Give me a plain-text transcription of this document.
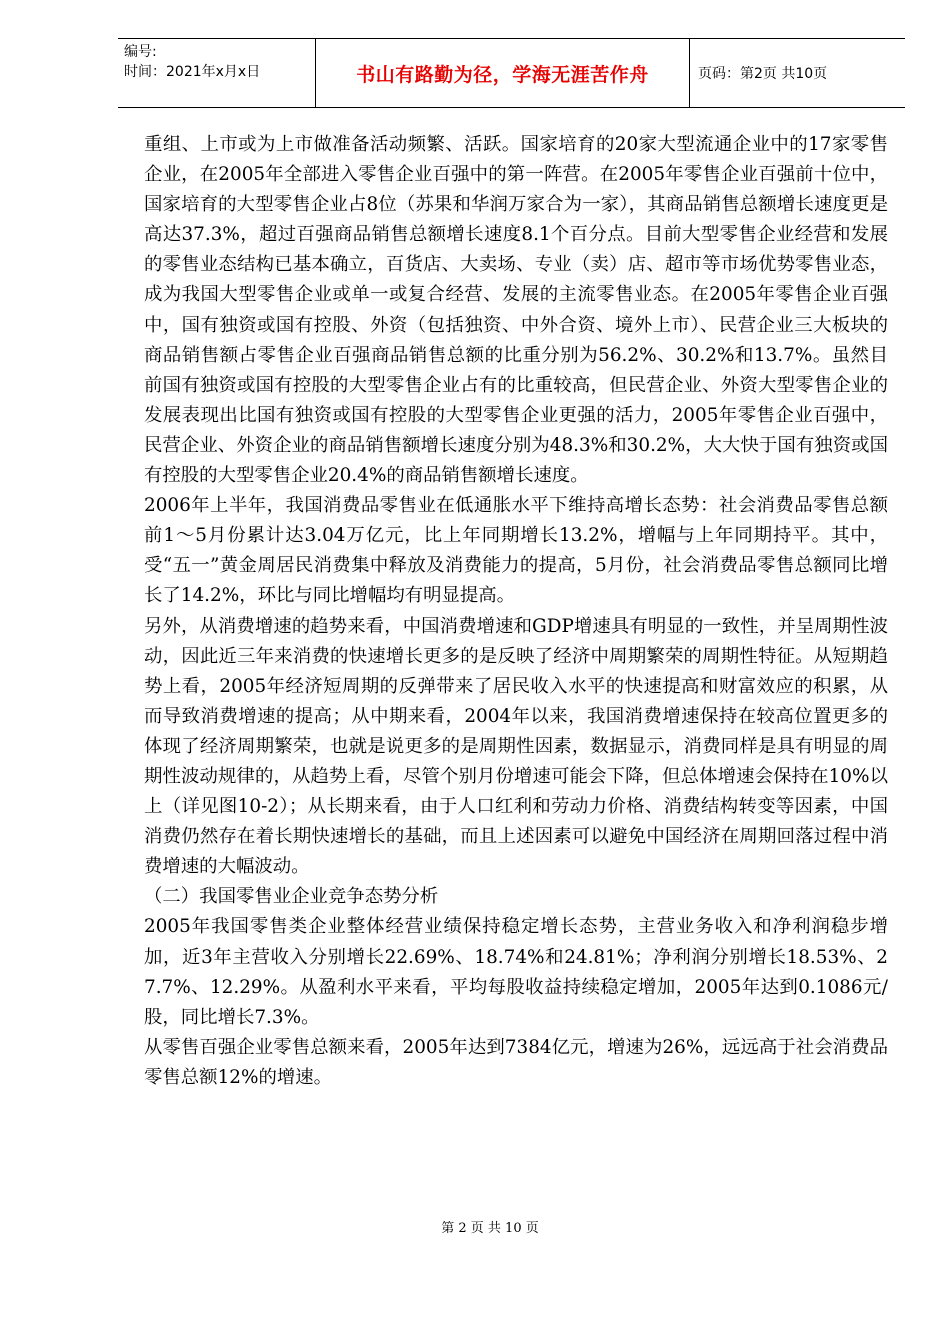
编号:
时间：2021年x月x日	书山有路勤为径，学海无涯苦作舟	页码：第2页 共10页

重组、上市或为上市做准备活动频繁、活跃。国家培育的20家大型流通企业中的17家零售企业，在2005年全部进入零售企业百强中的第一阵营。在2005年零售企业百强前十位中，国家培育的大型零售企业占8位（苏果和华润万家合为一家），其商品销售总额增长速度更是高达37.3%，超过百强商品销售总额增长速度8.1个百分点。目前大型零售企业经营和发展的零售业态结构已基本确立，百货店、大卖场、专业（卖）店、超市等市场优势零售业态，成为我国大型零售企业或单一或复合经营、发展的主流零售业态。在2005年零售企业百强中，国有独资或国有控股、外资（包括独资、中外合资、境外上市）、民营企业三大板块的商品销售额占零售企业百强商品销售总额的比重分别为56.2%、30.2%和13.7%。虽然目前国有独资或国有控股的大型零售企业占有的比重较高，但民营企业、外资大型零售企业的发展表现出比国有独资或国有控股的大型零售企业更强的活力，2005年零售企业百强中，民营企业、外资企业的商品销售额增长速度分别为48.3%和30.2%，大大快于国有独资或国有控股的大型零售企业20.4%的商品销售额增长速度。

2006年上半年，我国消费品零售业在低通胀水平下维持高增长态势：社会消费品零售总额前1～5月份累计达3.04万亿元，比上年同期增长13.2%，增幅与上年同期持平。其中，受“五一”黄金周居民消费集中释放及消费能力的提高，5月份，社会消费品零售总额同比增长了14.2%，环比与同比增幅均有明显提高。

另外，从消费增速的趋势来看，中国消费增速和GDP增速具有明显的一致性，并呈周期性波动，因此近三年来消费的快速增长更多的是反映了经济中周期繁荣的周期性特征。从短期趋势上看，2005年经济短周期的反弹带来了居民收入水平的快速提高和财富效应的积累，从而导致消费增速的提高；从中期来看，2004年以来，我国消费增速保持在较高位置更多的体现了经济周期繁荣，也就是说更多的是周期性因素，数据显示，消费同样是具有明显的周期性波动规律的，从趋势上看，尽管个别月份增速可能会下降，但总体增速会保持在10%以上（详见图10-2）；从长期来看，由于人口红利和劳动力价格、消费结构转变等因素，中国消费仍然存在着长期快速增长的基础，而且上述因素可以避免中国经济在周期回落过程中消费增速的大幅波动。

（二）我国零售业企业竞争态势分析

2005年我国零售类企业整体经营业绩保持稳定增长态势，主营业务收入和净利润稳步增加，近3年主营收入分别增长22.69%、18.74%和24.81%；净利润分别增长18.53%、27.7%、12.29%。从盈利水平来看，平均每股收益持续稳定增加，2005年达到0.1086元/股，同比增长7.3%。

从零售百强企业零售总额来看，2005年达到7384亿元，增速为26%，远远高于社会消费品零售总额12%的增速。

第 2 页 共 10 页
